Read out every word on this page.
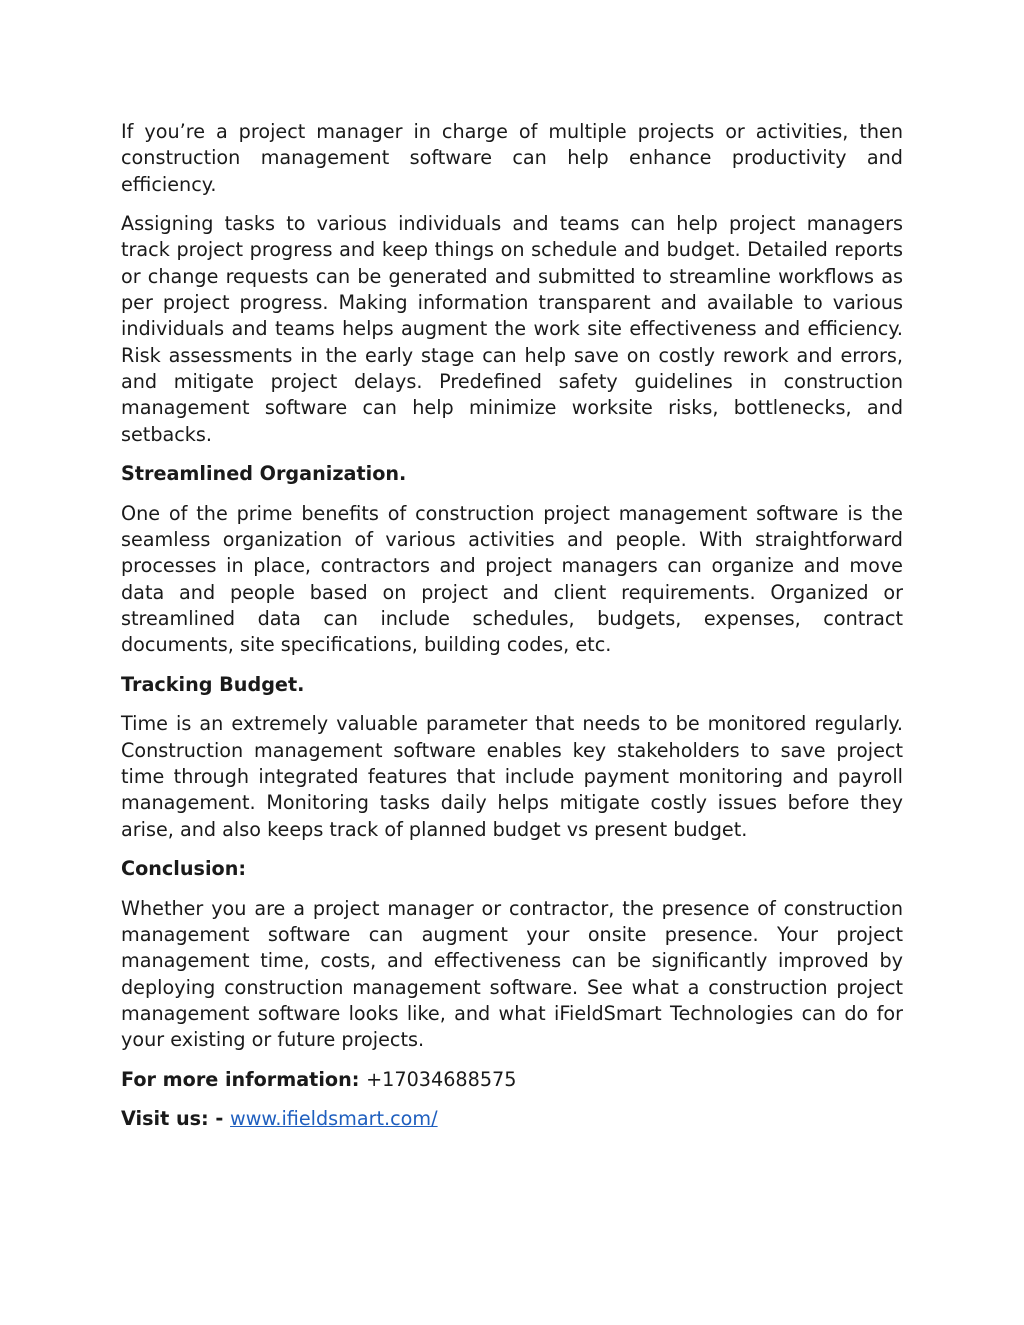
If you’re a project manager in charge of multiple projects or activities, then construction management software can help enhance productivity and efficiency.

Assigning tasks to various individuals and teams can help project managers track project progress and keep things on schedule and budget. Detailed reports or change requests can be generated and submitted to streamline workflows as per project progress. Making information transparent and available to various individuals and teams helps augment the work site effectiveness and efficiency. Risk assessments in the early stage can help save on costly rework and errors, and mitigate project delays. Predefined safety guidelines in construction management software can help minimize worksite risks, bottlenecks, and setbacks.

Streamlined Organization.

One of the prime benefits of construction project management software is the seamless organization of various activities and people. With straightforward processes in place, contractors and project managers can organize and move data and people based on project and client requirements. Organized or streamlined data can include schedules, budgets, expenses, contract documents, site specifications, building codes, etc.

Tracking Budget.

Time is an extremely valuable parameter that needs to be monitored regularly. Construction management software enables key stakeholders to save project time through integrated features that include payment monitoring and payroll management. Monitoring tasks daily helps mitigate costly issues before they arise, and also keeps track of planned budget vs present budget.

Conclusion:

Whether you are a project manager or contractor, the presence of construction management software can augment your onsite presence. Your project management time, costs, and effectiveness can be significantly improved by deploying construction management software. See what a construction project management software looks like, and what iFieldSmart Technologies can do for your existing or future projects.

For more information: +17034688575
Visit us: - www.ifieldsmart.com/
